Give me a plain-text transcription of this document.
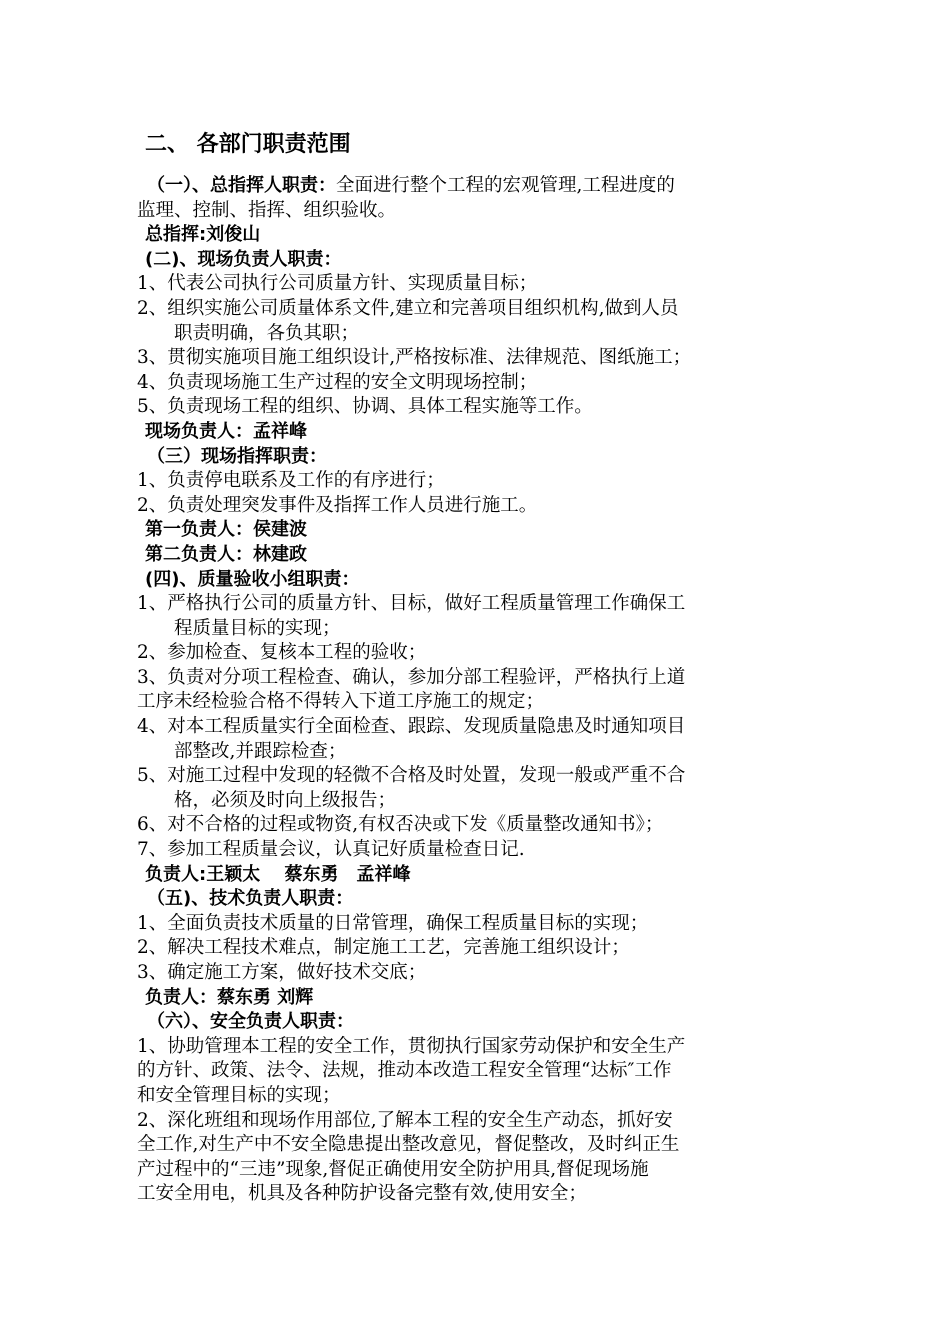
二、 各部门职责范围

（一）、总指挥人职责：全面进行整个工程的宏观管理,工程进度的

监理、控制、指挥、组织验收。

总指挥:刘俊山

(二)、现场负责人职责：

1、代表公司执行公司质量方针、实现质量目标；

2、组织实施公司质量体系文件,建立和完善项目组织机构,做到人员

职责明确，各负其职；

3、贯彻实施项目施工组织设计,严格按标准、法律规范、图纸施工；

4、负责现场施工生产过程的安全文明现场控制；

5、负责现场工程的组织、协调、具体工程实施等工作。

现场负责人：孟祥峰

（三）现场指挥职责：

1、负责停电联系及工作的有序进行；

2、负责处理突发事件及指挥工作人员进行施工。

第一负责人：侯建波

第二负责人：林建政

(四)、质量验收小组职责：

1、严格执行公司的质量方针、目标，做好工程质量管理工作确保工

程质量目标的实现；

2、参加检查、复核本工程的验收；

3、负责对分项工程检查、确认，参加分部工程验评，严格执行上道

工序未经检验合格不得转入下道工序施工的规定；

4、对本工程质量实行全面检查、跟踪、发现质量隐患及时通知项目

部整改,并跟踪检查；

5、对施工过程中发现的轻微不合格及时处置，发现一般或严重不合

格，必须及时向上级报告；

6、对不合格的过程或物资,有权否决或下发《质量整改通知书》；

7、参加工程质量会议，认真记好质量检查日记.

负责人:王颖太　 蔡东勇　孟祥峰

（五)、技术负责人职责：

1、全面负责技术质量的日常管理，确保工程质量目标的实现；

2、解决工程技术难点，制定施工工艺，完善施工组织设计；

3、确定施工方案，做好技术交底；

负责人：蔡东勇 刘辉

（六）、安全负责人职责：

1、协助管理本工程的安全工作，贯彻执行国家劳动保护和安全生产

的方针、政策、法令、法规，推动本改造工程安全管理“达标″工作

和安全管理目标的实现；

2、深化班组和现场作用部位,了解本工程的安全生产动态，抓好安

全工作,对生产中不安全隐患提出整改意见，督促整改，及时纠正生

产过程中的“三违”现象,督促正确使用安全防护用具,督促现场施

工安全用电，机具及各种防护设备完整有效,使用安全；
